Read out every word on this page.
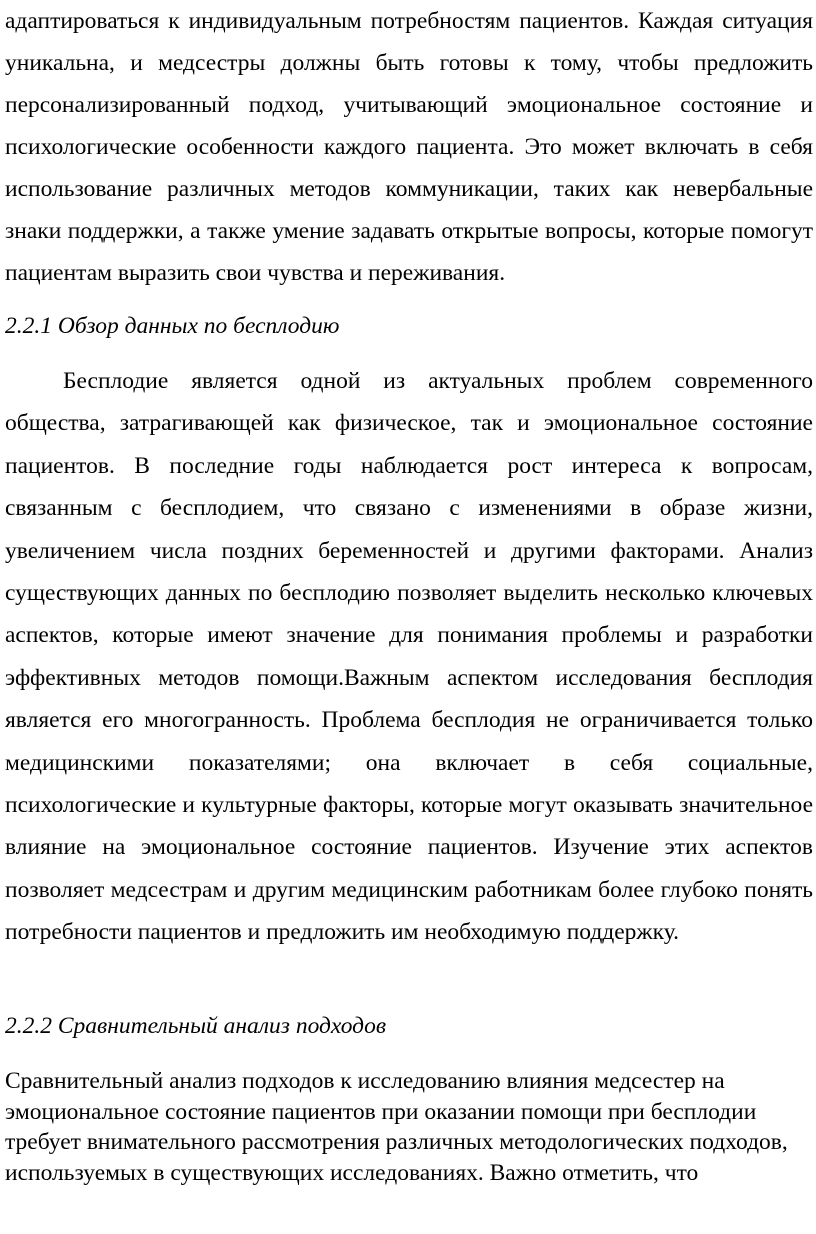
адаптироваться к индивидуальным потребностям пациентов. Каждая ситуация уникальна, и медсестры должны быть готовы к тому, чтобы предложить персонализированный подход, учитывающий эмоциональное состояние и психологические особенности каждого пациента. Это может включать в себя использование различных методов коммуникации, таких как невербальные знаки поддержки, а также умение задавать открытые вопросы, которые помогут пациентам выразить свои чувства и переживания.

2.2.1 Обзор данных по бесплодию

Бесплодие является одной из актуальных проблем современного общества, затрагивающей как физическое, так и эмоциональное состояние пациентов. В последние годы наблюдается рост интереса к вопросам, связанным с бесплодием, что связано с изменениями в образе жизни, увеличением числа поздних беременностей и другими факторами. Анализ существующих данных по бесплодию позволяет выделить несколько ключевых аспектов, которые имеют значение для понимания проблемы и разработки эффективных методов помощи.Важным аспектом исследования бесплодия является его многогранность. Проблема бесплодия не ограничивается только медицинскими показателями; она включает в себя социальные, психологические и культурные факторы, которые могут оказывать значительное влияние на эмоциональное состояние пациентов. Изучение этих аспектов позволяет медсестрам и другим медицинским работникам более глубоко понять потребности пациентов и предложить им необходимую поддержку.

2.2.2 Сравнительный анализ подходов

Сравнительный анализ подходов к исследованию влияния медсестер на эмоциональное состояние пациентов при оказании помощи при бесплодии требует внимательного рассмотрения различных методологических подходов, используемых в существующих исследованиях. Важно отметить, что
